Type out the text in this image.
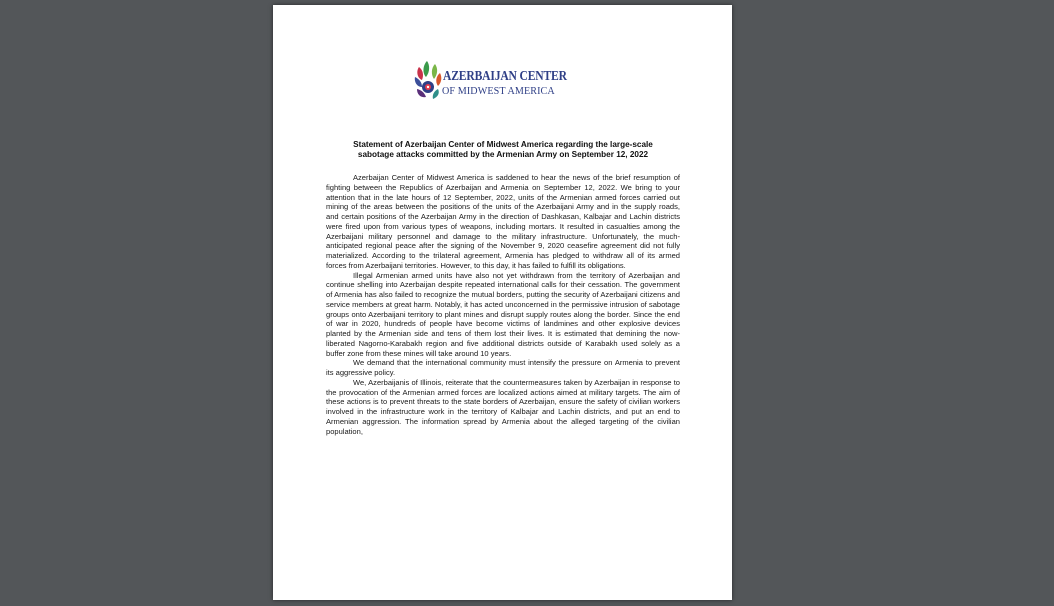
AZERBAIJAN CENTER
OF MIDWEST AMERICA
Statement of Azerbaijan Center of Midwest America regarding the large-scale
sabotage attacks committed by the Armenian Army on September 12, 2022

Azerbaijan Center of Midwest America is saddened to hear the news of the brief resumption of fighting between the Republics of Azerbaijan and Armenia on September 12, 2022. We bring to your attention that in the late hours of 12 September, 2022, units of the Armenian armed forces carried out mining of the areas between the positions of the units of the Azerbaijani Army and in the supply roads, and certain positions of the Azerbaijan Army in the direction of Dashkasan, Kalbajar and Lachin districts were fired upon from various types of weapons, including mortars. It resulted in casualties among the Azerbaijani military personnel and damage to the military infrastructure. Unfortunately, the much-anticipated regional peace after the signing of the November 9, 2020 ceasefire agreement did not fully materialized. According to the trilateral agreement, Armenia has pledged to withdraw all of its armed forces from Azerbaijani territories. However, to this day, it has failed to fulfill its obligations.

Illegal Armenian armed units have also not yet withdrawn from the territory of Azerbaijan and continue shelling into Azerbaijan despite repeated international calls for their cessation. The government of Armenia has also failed to recognize the mutual borders, putting the security of Azerbaijani citizens and service members at great harm. Notably, it has acted unconcerned in the permissive intrusion of sabotage groups onto Azerbaijani territory to plant mines and disrupt supply routes along the border. Since the end of war in 2020, hundreds of people have become victims of landmines and other explosive devices planted by the Armenian side and tens of them lost their lives. It is estimated that demining the now-liberated Nagorno-Karabakh region and five additional districts outside of Karabakh used solely as a buffer zone from these mines will take around 10 years.

We demand that the international community must intensify the pressure on Armenia to prevent its aggressive policy.

We, Azerbaijanis of Illinois, reiterate that the countermeasures taken by Azerbaijan in response to the provocation of the Armenian armed forces are localized actions aimed at military targets. The aim of these actions is to prevent threats to the state borders of Azerbaijan, ensure the safety of civilian workers involved in the infrastructure work in the territory of Kalbajar and Lachin districts, and put an end to Armenian aggression. The information spread by Armenia about the alleged targeting of the civilian population,
